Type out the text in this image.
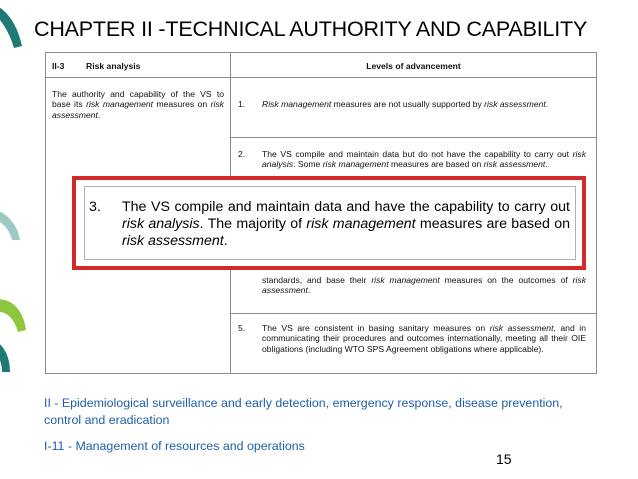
CHAPTER II -TECHNICAL AUTHORITY AND CAPABILITY
II-3	Risk analysis	Levels of advancement
The authority and capability of the VS to base its risk management measures on risk assessment.
1. Risk management measures are not usually supported by risk assessment.
2. The VS compile and maintain data but do not have the capability to carry out risk analysis. Some risk management measures are based on risk assessment.
standards, and base their risk management measures on the outcomes of risk assessment.
5. The VS are consistent in basing sanitary measures on risk assessment, and in communicating their procedures and outcomes internationally, meeting all their OIE obligations (including WTO SPS Agreement obligations where applicable).
3. The VS compile and maintain data and have the capability to carry out risk analysis. The majority of risk management measures are based on risk assessment.
II - Epidemiological surveillance and early detection, emergency response, disease prevention, control and eradication
I-11 - Management of resources and operations
15
